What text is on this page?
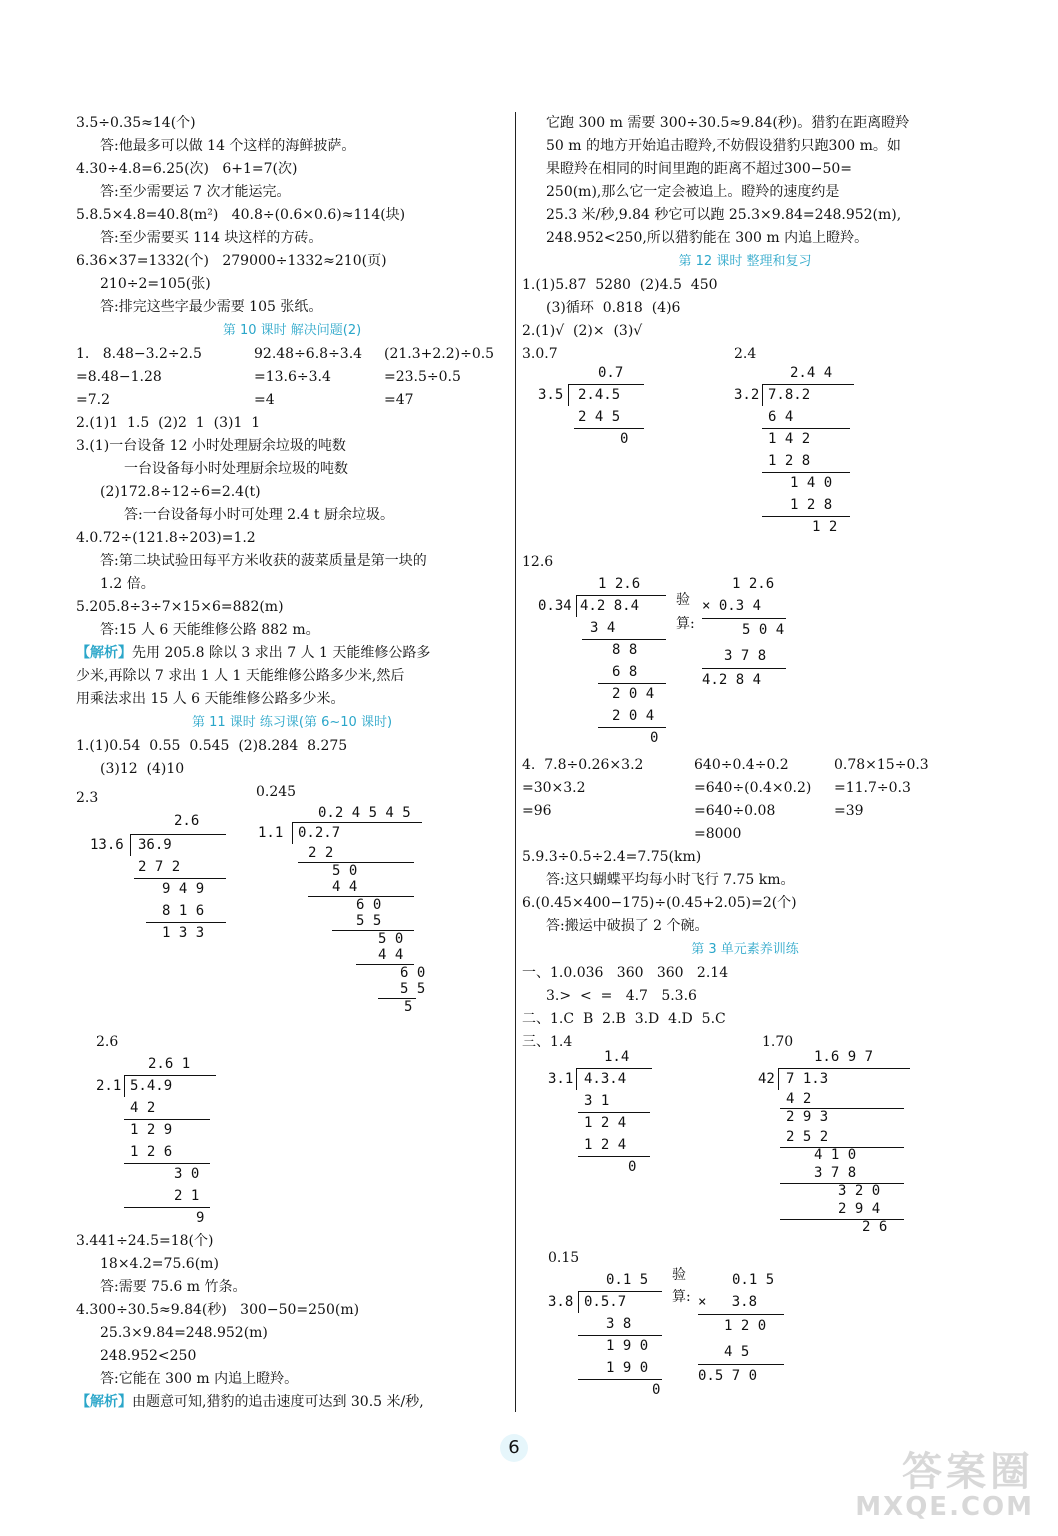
3.5÷0.35≈14(个)
答:他最多可以做 14 个这样的海鲜披萨。
4.30÷4.8=6.25(次)   6+1=7(次)
答:至少需要运 7 次才能运完。
5.8.5×4.8=40.8(m²)   40.8÷(0.6×0.6)≈114(块)
答:至少需要买 114 块这样的方砖。
6.36×37=1332(个)   279000÷1332≈210(页)
210÷2=105(张)
答:排完这些字最少需要 105 张纸。
第 10 课时 解决问题(2)
1.   8.48−3.2÷2.5	92.48÷6.8÷3.4	(21.3+2.2)÷0.5
=8.48−1.28	=13.6÷3.4	=23.5÷0.5
=7.2	=4	=47
2.(1)1  1.5  (2)2  1  (3)1  1
3.(1)一台设备 12 小时处理厨余垃圾的吨数
一台设备每小时处理厨余垃圾的吨数
(2)172.8÷12÷6=2.4(t)
答:一台设备每小时可处理 2.4 t 厨余垃圾。
4.0.72÷(121.8÷203)=1.2
答:第二块试验田每平方米收获的菠菜质量是第一块的
1.2 倍。
5.205.8÷3÷7×15×6=882(m)
答:15 人 6 天能维修公路 882 m。
【解析】先用 205.8 除以 3 求出 7 人 1 天能维修公路多
少米,再除以 7 求出 1 人 1 天能维修公路多少米,然后
用乘法求出 15 人 6 天能维修公路多少米。
第 11 课时 练习课(第 6~10 课时)
1.(1)0.5̇4̇  0.55  0.545  (2)8.284  8.275
(3)12  (4)10
2.3	0.24̇5̇
2.6
13.6 36.9
2 7 2
9 4 9
8 1 6
1 3 3
0.2 4 5 4 5
1.1 0.2.7
2 2
5 0
4 4
6 0
5 5
5 0
4 4
6 0
5 5
5
2.6
2.6 1
2.1 5.4.9
4 2
1 2 9
1 2 6
3 0
2 1
9
3.441÷24.5=18(个)
18×4.2=75.6(m)
答:需要 75.6 m 竹条。
4.300÷30.5≈9.84(秒)   300−50=250(m)
25.3×9.84=248.952(m)
248.952<250
答:它能在 300 m 内追上瞪羚。
【解析】由题意可知,猎豹的追击速度可达到 30.5 米/秒,
它跑 300 m 需要 300÷30.5≈9.84(秒)。猎豹在距离瞪羚
50 m 的地方开始追击瞪羚,不妨假设猎豹只跑300 m。如
果瞪羚在相同的时间里跑的距离不超过300−50=
250(m),那么它一定会被追上。瞪羚的速度约是
25.3 米/秒,9.84 秒它可以跑 25.3×9.84=248.952(m),
248.952<250,所以猎豹能在 300 m 内追上瞪羚。
第 12 课时 整理和复习
1.(1)5.87  5280  (2)4.5  450
(3)循环  0.818  (4)6
2.(1)√  (2)×  (3)√
3.0.7	2.4
0.7
3.5 2.4.5
2 4 5
0
2.4 4
3.2 7.8.2
6 4
1 4 2
1 2 8
1 4 0
1 2 8
1 2
12.6
1 2.6
0.34 4.2 8.4
3 4
8 8
6 8
2 0 4
2 0 4
0
验算:
1 2.6
× 0.3 4
5 0 4
3 7 8
4.2 8 4
4.  7.8÷0.26×3.2	640÷0.4÷0.2	0.78×15÷0.3
=30×3.2	=640÷(0.4×0.2)	=11.7÷0.3
=96	=640÷0.08	=39
=8000
5.9.3÷0.5÷2.4=7.75(km)
答:这只蝴蝶平均每小时飞行 7.75 km。
6.(0.45×400−175)÷(0.45+2.05)=2(个)
答:搬运中破损了 2 个碗。
第 3 单元素养训练
一、1.0.036   360   360   2.14
3.>  <  =   4.7   5.3.6
二、1.C  B  2.B  3.D  4.D  5.C
三、1.4	1.70
1.4
3.1 4.3.4
3 1
1 2 4
1 2 4
0
1.6 9 7
42 7 1.3
4 2
2 9 3
2 5 2
4 1 0
3 7 8
3 2 0
2 9 4
2 6
0.15
0.1 5
3.8 0.5.7
3 8
1 9 0
1 9 0
0
验算:
0.1 5
×   3.8
1 2 0
4 5
0.5 7 0
6
答案圈
MXQE.COM
